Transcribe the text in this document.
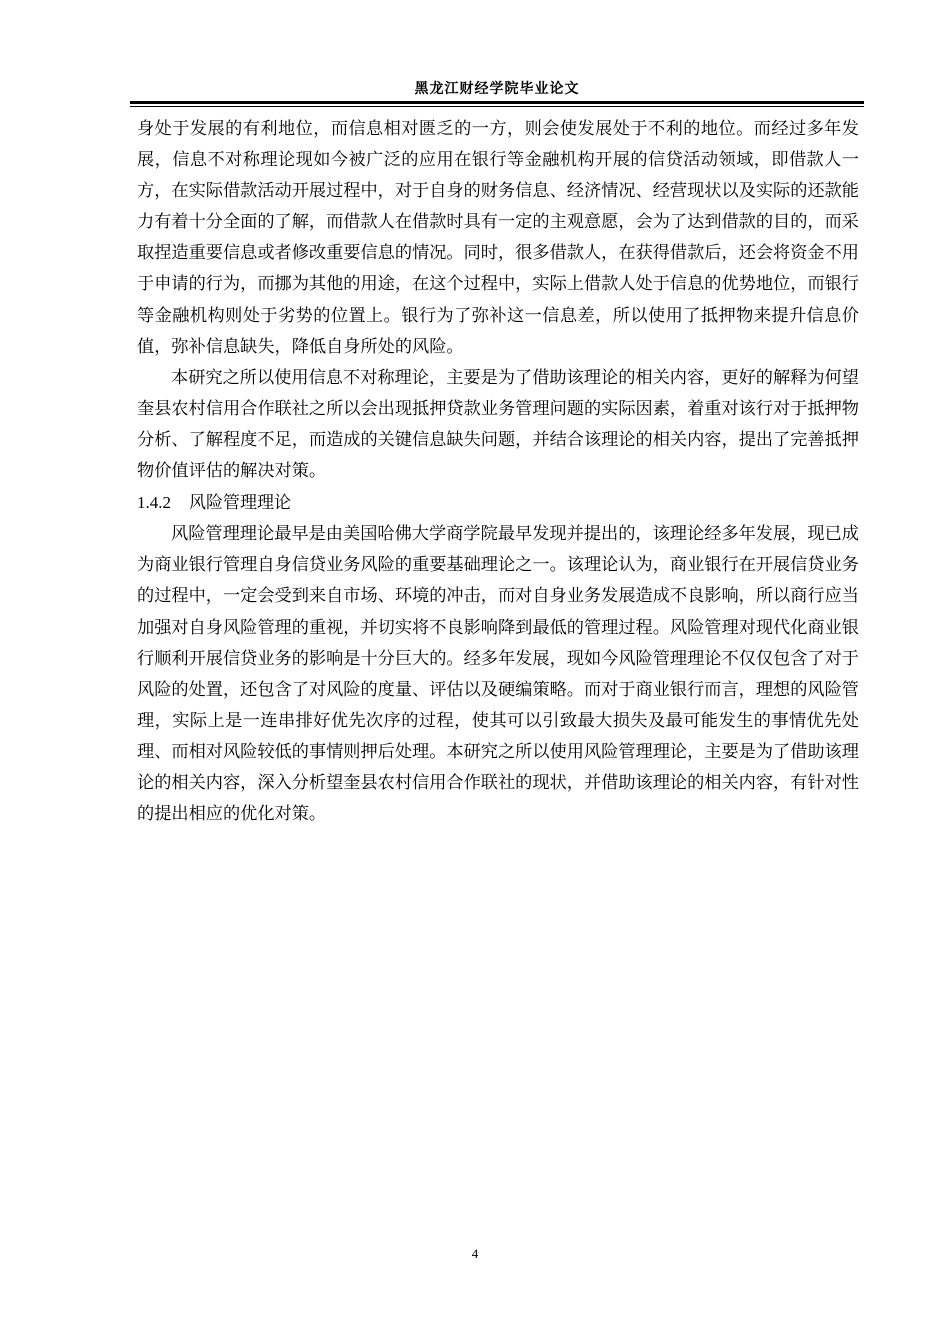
黑龙江财经学院毕业论文

身处于发展的有利地位，而信息相对匮乏的一方，则会使发展处于不利的地位。而经过多年发展，信息不对称理论现如今被广泛的应用在银行等金融机构开展的信贷活动领域，即借款人一方，在实际借款活动开展过程中，对于自身的财务信息、经济情况、经营现状以及实际的还款能力有着十分全面的了解，而借款人在借款时具有一定的主观意愿，会为了达到借款的目的，而采取捏造重要信息或者修改重要信息的情况。同时，很多借款人，在获得借款后，还会将资金不用于申请的行为，而挪为其他的用途，在这个过程中，实际上借款人处于信息的优势地位，而银行等金融机构则处于劣势的位置上。银行为了弥补这一信息差，所以使用了抵押物来提升信息价值，弥补信息缺失，降低自身所处的风险。

本研究之所以使用信息不对称理论，主要是为了借助该理论的相关内容，更好的解释为何望奎县农村信用合作联社之所以会出现抵押贷款业务管理问题的实际因素，着重对该行对于抵押物分析、了解程度不足，而造成的关键信息缺失问题，并结合该理论的相关内容，提出了完善抵押物价值评估的解决对策。

1.4.2 风险管理理论

风险管理理论最早是由美国哈佛大学商学院最早发现并提出的，该理论经多年发展，现已成为商业银行管理自身信贷业务风险的重要基础理论之一。该理论认为，商业银行在开展信贷业务的过程中，一定会受到来自市场、环境的冲击，而对自身业务发展造成不良影响，所以商行应当加强对自身风险管理的重视，并切实将不良影响降到最低的管理过程。风险管理对现代化商业银行顺利开展信贷业务的影响是十分巨大的。经多年发展，现如今风险管理理论不仅仅包含了对于风险的处置，还包含了对风险的度量、评估以及硬编策略。而对于商业银行而言，理想的风险管理，实际上是一连串排好优先次序的过程，使其可以引致最大损失及最可能发生的事情优先处理、而相对风险较低的事情则押后处理。本研究之所以使用风险管理理论，主要是为了借助该理论的相关内容，深入分析望奎县农村信用合作联社的现状，并借助该理论的相关内容，有针对性的提出相应的优化对策。

4
